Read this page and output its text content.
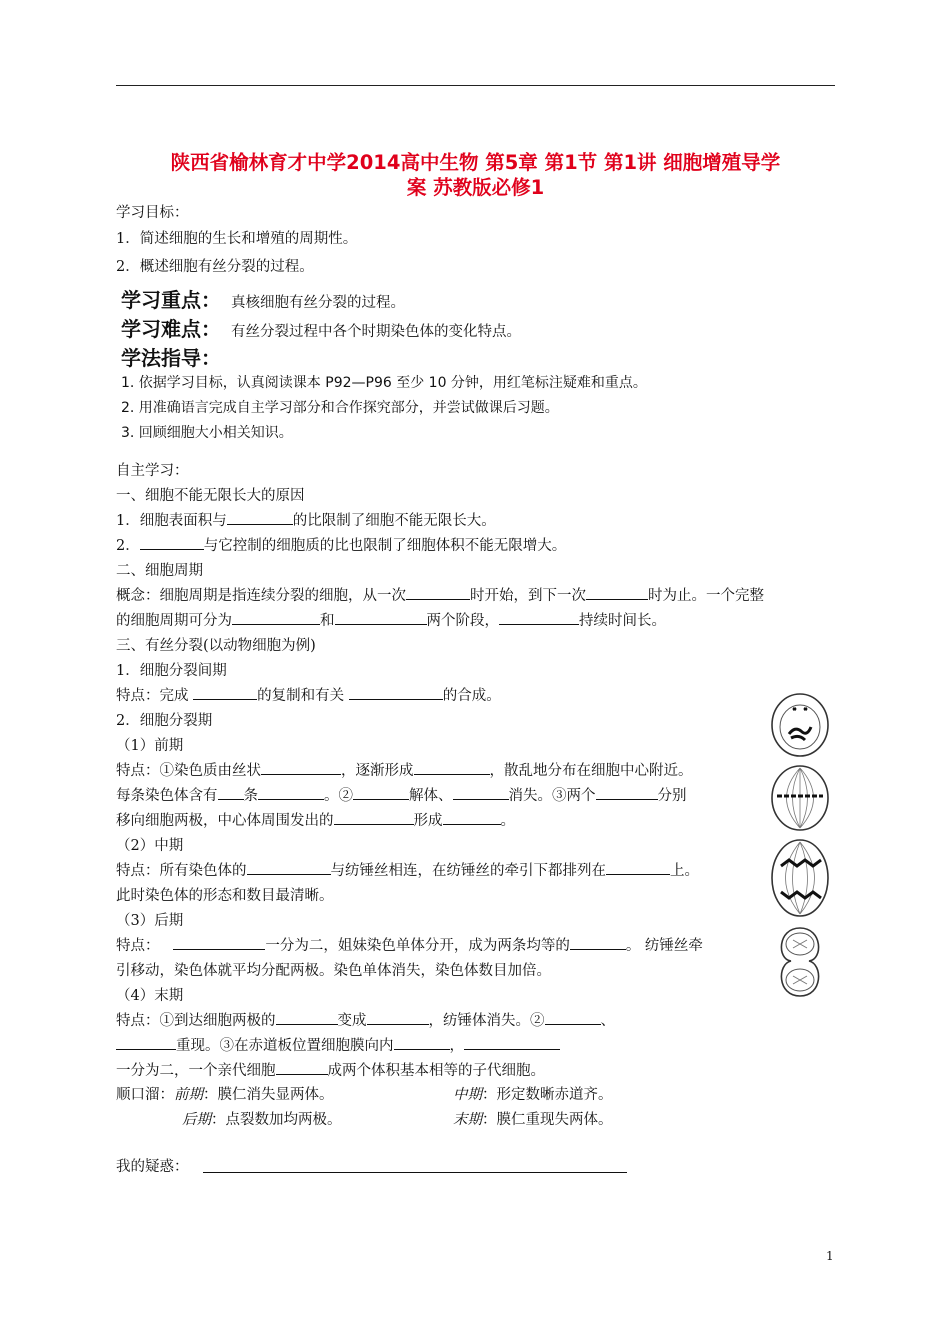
陕西省榆林育才中学2014高中生物 第5章 第1节 第1讲 细胞增殖导学
案 苏教版必修1
学习目标：
1．简述细胞的生长和增殖的周期性。
2．概述细胞有丝分裂的过程。
学习重点： 真核细胞有丝分裂的过程。
学习难点： 有丝分裂过程中各个时期染色体的变化特点。
学法指导：
1. 依据学习目标，认真阅读课本 P92—P96 至少 10 分钟，用红笔标注疑难和重点。
2. 用准确语言完成自主学习部分和合作探究部分，并尝试做课后习题。
3. 回顾细胞大小相关知识。
自主学习：
一、细胞不能无限长大的原因
1．细胞表面积与	的比限制了细胞不能无限长大。
2．	与它控制的细胞质的比也限制了细胞体积不能无限增大。
二、细胞周期
概念：细胞周期是指连续分裂的细胞，从一次	时开始，到下一次	时为止。一个完整
的细胞周期可分为	和	两个阶段，	持续时间长。
三、有丝分裂(以动物细胞为例)
1．细胞分裂间期
特点：完成	的复制和有关	的合成。
2．细胞分裂期
（1）前期
特点：①染色质由丝状	，逐渐形成	，散乱地分布在细胞中心附近。
每条染色体含有 条	。②	解体、	消失。③两个	分别
移向细胞两极，中心体周围发出的	形成	。
（2）中期
特点：所有染色体的	与纺锤丝相连，在纺锤丝的牵引下都排列在	上。
此时染色体的形态和数目最清晰。
（3）后期
特点：	一分为二，姐妹染色单体分开，成为两条均等的	。 纺锤丝牵
引移动，染色体就平均分配两极。染色单体消失，染色体数目加倍。
（4）末期
特点：①到达细胞两极的	变成	，纺锤体消失。②	、
重现。③在赤道板位置细胞膜向内	，
一分为二，一个亲代细胞	成两个体积基本相等的子代细胞。
顺口溜：前期：膜仁消失显两体。	中期：形定数晰赤道齐。
后期：点裂数加均两极。	末期：膜仁重现失两体。
我的疑惑：
1
